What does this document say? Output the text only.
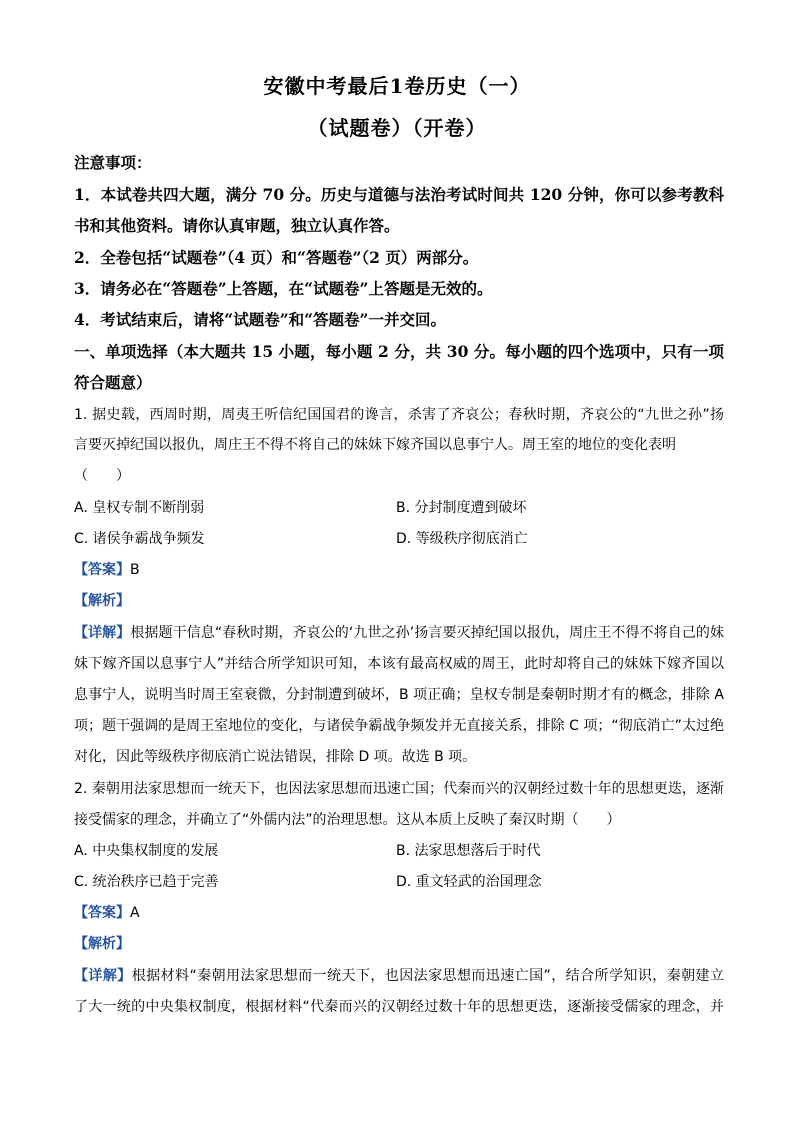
安徽中考最后1卷历史（一）
（试题卷）（开卷）
注意事项：
1．本试卷共四大题，满分 70 分。历史与道德与法治考试时间共 120 分钟，你可以参考教科
书和其他资料。请你认真审题，独立认真作答。
2．全卷包括“试题卷”（4 页）和“答题卷”（2 页）两部分。
3．请务必在“答题卷”上答题，在“试题卷”上答题是无效的。
4．考试结束后，请将“试题卷”和“答题卷”一并交回。
一、单项选择（本大题共 15 小题，每小题 2 分，共 30 分。每小题的四个选项中，只有一项
符合题意）
1. 据史载，西周时期，周夷王听信纪国国君的谗言，杀害了齐哀公；春秋时期，齐哀公的“九世之孙”扬
言要灭掉纪国以报仇，周庄王不得不将自己的妹妹下嫁齐国以息事宁人。周王室的地位的变化表明
（　　）
A. 皇权专制不断削弱	B. 分封制度遭到破坏
C. 诸侯争霸战争频发	D. 等级秩序彻底消亡
【答案】B
【解析】
【详解】根据题干信息“春秋时期，齐哀公的‘九世之孙’扬言要灭掉纪国以报仇，周庄王不得不将自己的妹
妹下嫁齐国以息事宁人”并结合所学知识可知，本该有最高权威的周王，此时却将自己的妹妹下嫁齐国以
息事宁人，说明当时周王室衰微，分封制遭到破坏，B 项正确；皇权专制是秦朝时期才有的概念，排除 A
项；题干强调的是周王室地位的变化，与诸侯争霸战争频发并无直接关系，排除 C 项；“彻底消亡”太过绝
对化，因此等级秩序彻底消亡说法错误，排除 D 项。故选 B 项。
2. 秦朝用法家思想而一统天下，也因法家思想而迅速亡国；代秦而兴的汉朝经过数十年的思想更迭，逐渐
接受儒家的理念，并确立了“外儒内法”的治理思想。这从本质上反映了秦汉时期（　　）
A. 中央集权制度的发展	B. 法家思想落后于时代
C. 统治秩序已趋于完善	D. 重文轻武的治国理念
【答案】A
【解析】
【详解】根据材料“秦朝用法家思想而一统天下，也因法家思想而迅速亡国”，结合所学知识，秦朝建立
了大一统的中央集权制度，根据材料“代秦而兴的汉朝经过数十年的思想更迭，逐渐接受儒家的理念，并
